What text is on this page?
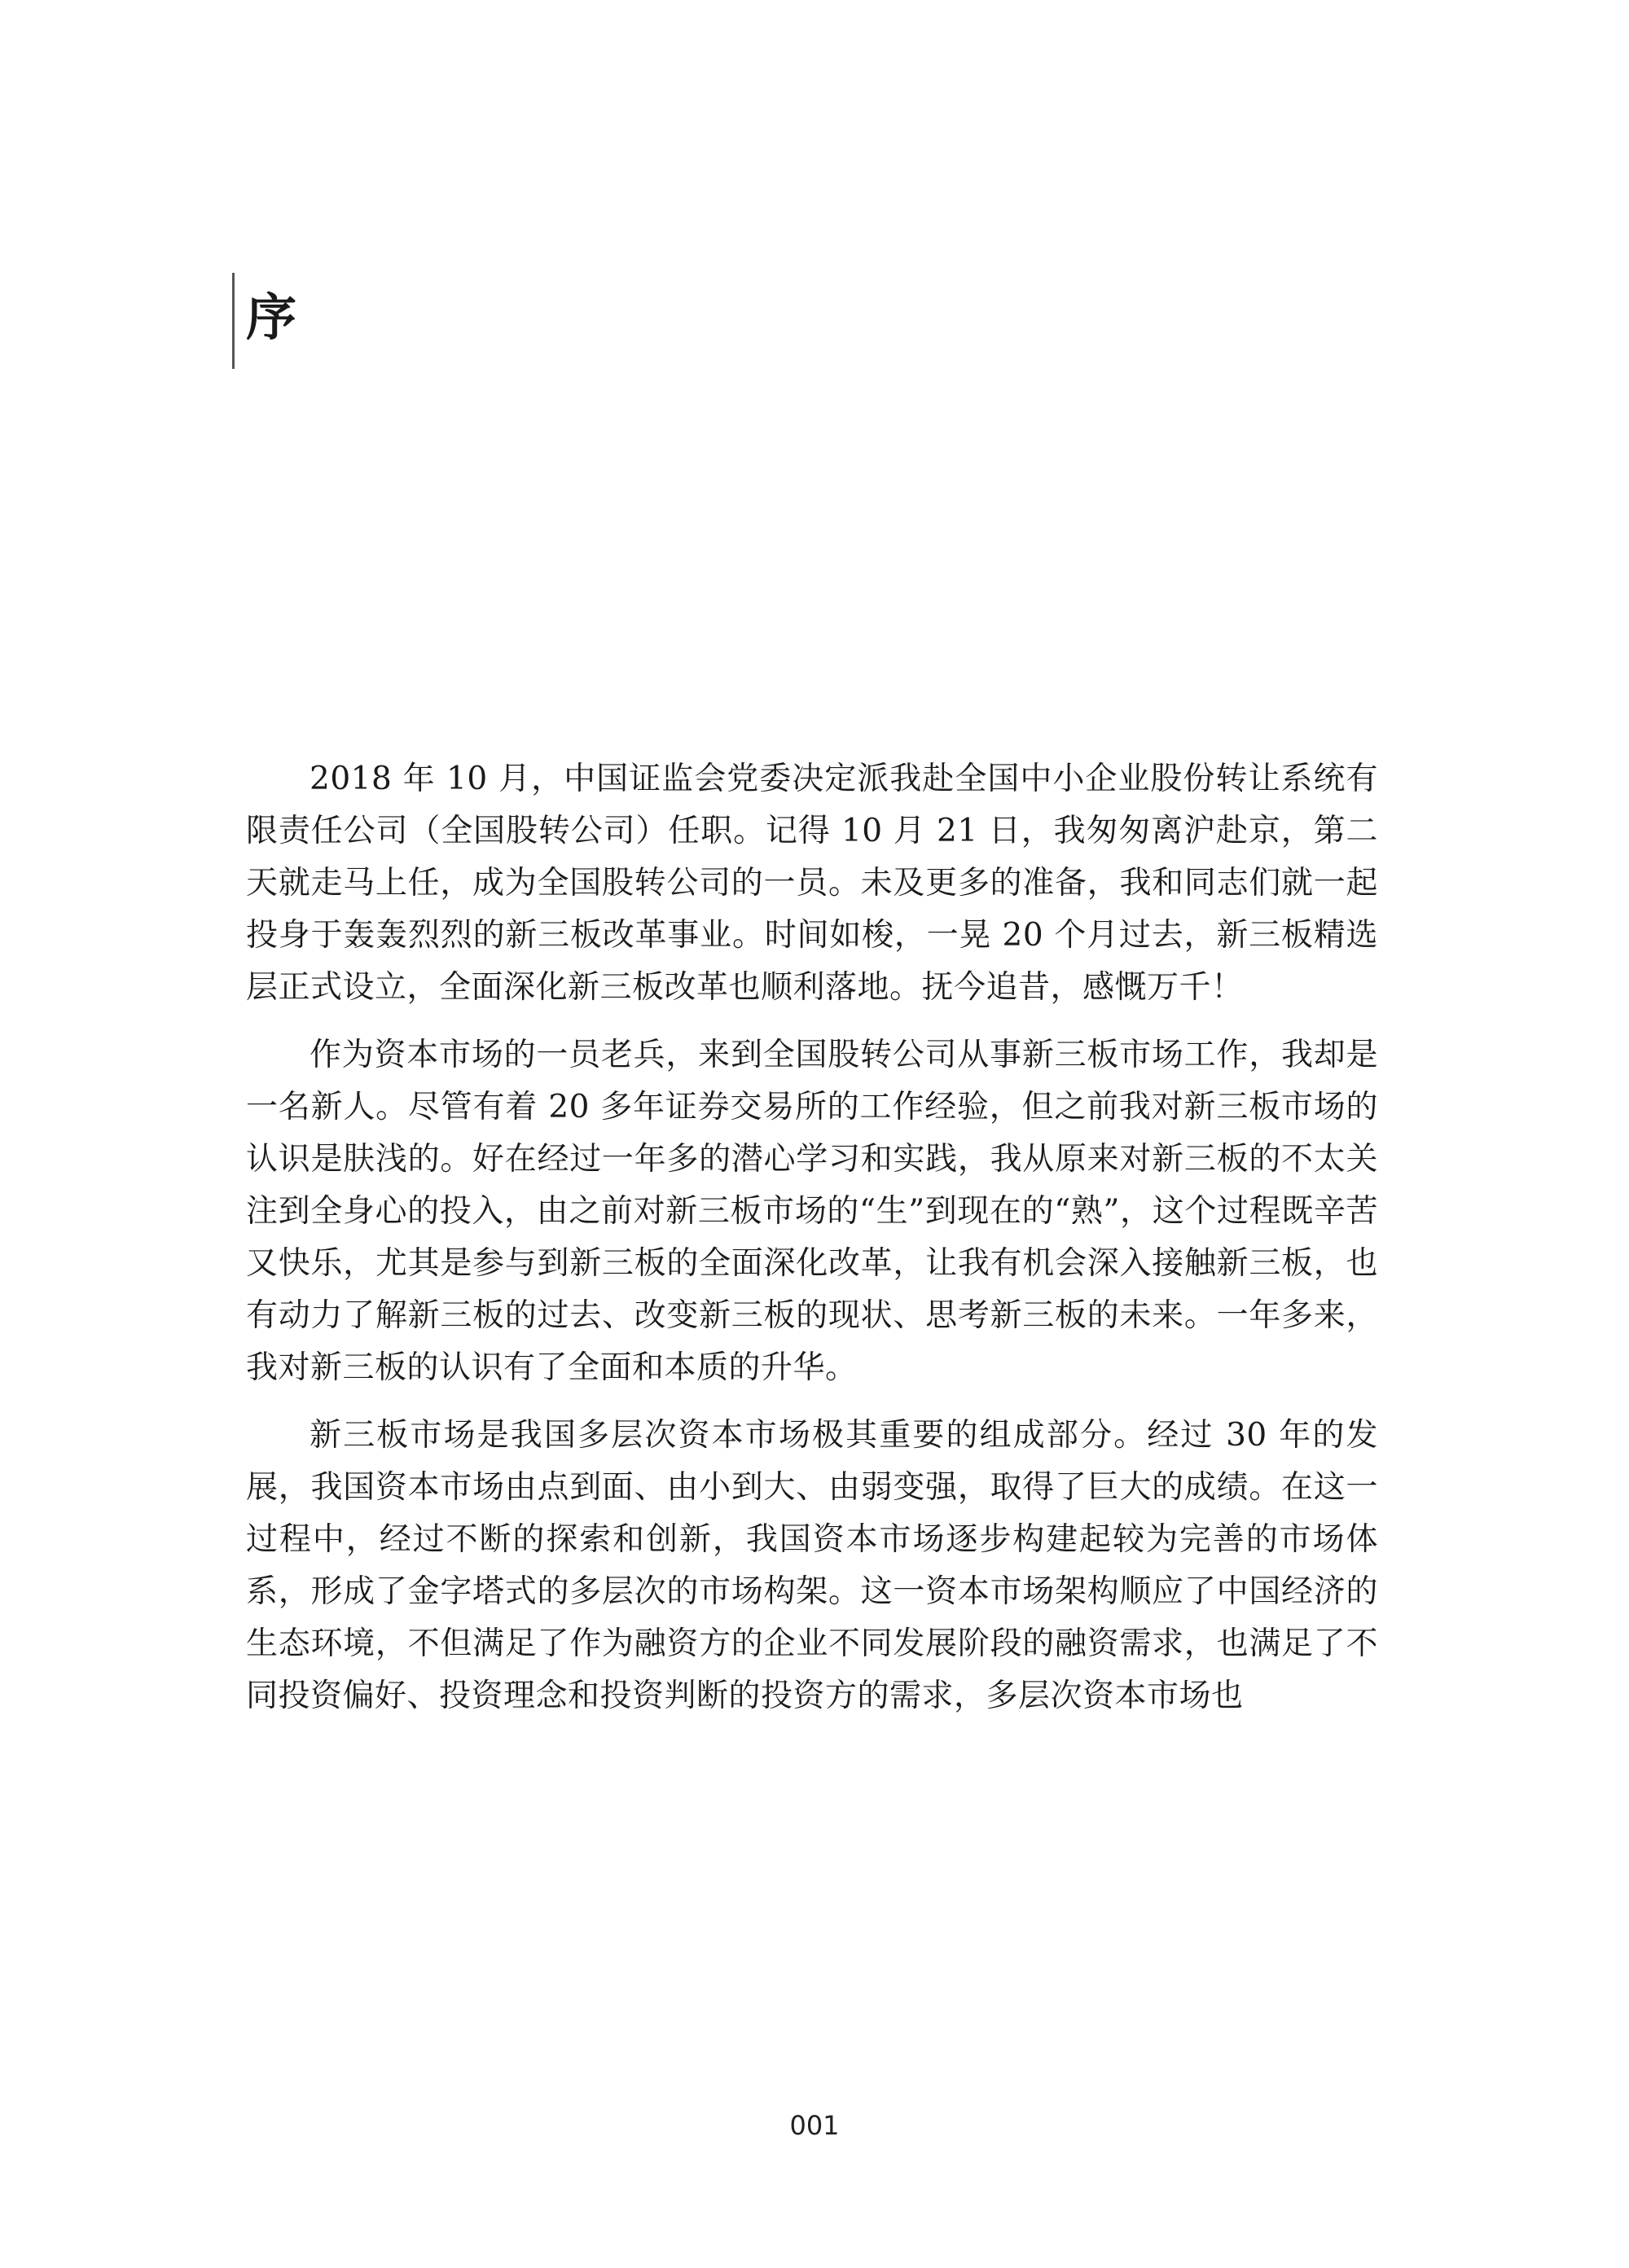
序

2018 年 10 月，中国证监会党委决定派我赴全国中小企业股份转让系统有限责任公司（全国股转公司）任职。记得 10 月 21 日，我匆匆离沪赴京，第二天就走马上任，成为全国股转公司的一员。未及更多的准备，我和同志们就一起投身于轰轰烈烈的新三板改革事业。时间如梭，一晃 20 个月过去，新三板精选层正式设立，全面深化新三板改革也顺利落地。抚今追昔，感慨万千！

作为资本市场的一员老兵，来到全国股转公司从事新三板市场工作，我却是一名新人。尽管有着 20 多年证券交易所的工作经验，但之前我对新三板市场的认识是肤浅的。好在经过一年多的潜心学习和实践，我从原来对新三板的不太关注到全身心的投入，由之前对新三板市场的“生”到现在的“熟”，这个过程既辛苦又快乐，尤其是参与到新三板的全面深化改革，让我有机会深入接触新三板，也有动力了解新三板的过去、改变新三板的现状、思考新三板的未来。一年多来，我对新三板的认识有了全面和本质的升华。

新三板市场是我国多层次资本市场极其重要的组成部分。经过 30 年的发展，我国资本市场由点到面、由小到大、由弱变强，取得了巨大的成绩。在这一过程中，经过不断的探索和创新，我国资本市场逐步构建起较为完善的市场体系，形成了金字塔式的多层次的市场构架。这一资本市场架构顺应了中国经济的生态环境，不但满足了作为融资方的企业不同发展阶段的融资需求，也满足了不同投资偏好、投资理念和投资判断的投资方的需求，多层次资本市场也

001
